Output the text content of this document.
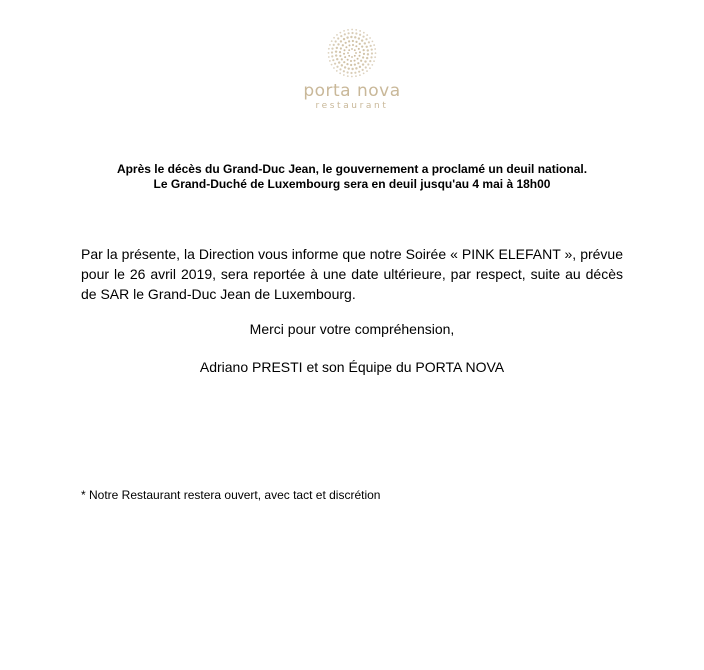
porta nova
restaurant
Après le décès du Grand-Duc Jean, le gouvernement a proclamé un deuil national.
Le Grand-Duché de Luxembourg sera en deuil jusqu'au 4 mai à 18h00
Par la présente, la Direction vous informe que notre Soirée « PINK ELEFANT », prévue pour le 26 avril 2019, sera reportée à une date ultérieure, par respect, suite au décès de SAR le Grand-Duc Jean de Luxembourg.
Merci pour votre compréhension,
Adriano PRESTI et son Équipe du PORTA NOVA
* Notre Restaurant restera ouvert, avec tact et discrétion
